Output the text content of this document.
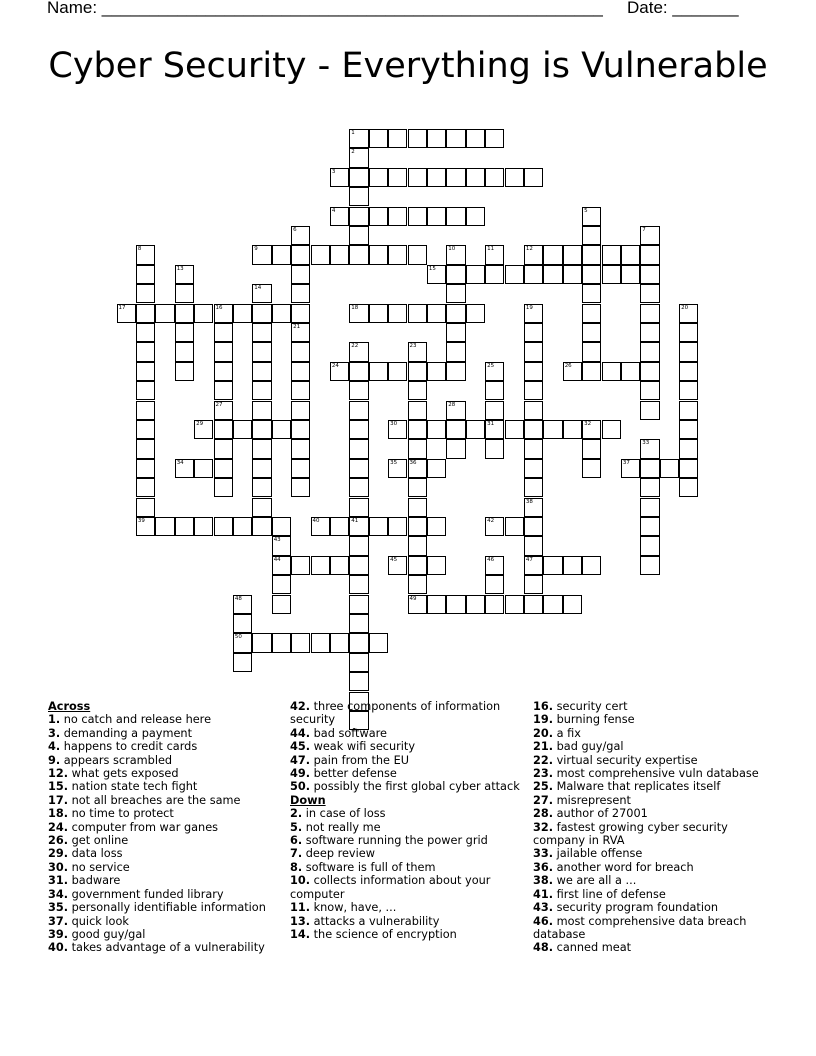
Name: _____________________________________________________ Date: _______
Cyber Security - Everything is Vulnerable
1
3
4
9	12
15
17	16	18
24	26
29	30	31	32
34	35 36	37
39	40	41	42
44	45	47
49
50
2
5
6	7
8	10	11
13
14
19
38
20
21
22	23
25
27	28
33
43
46
48
Across
1. no catch and release here
3. demanding a payment
4. happens to credit cards
9. appears scrambled
12. what gets exposed
15. nation state tech fight
17. not all breaches are the same
18. no time to protect
24. computer from war ganes
26. get online
29. data loss
30. no service
31. badware
34. government funded library
35. personally identifiable information
37. quick look
39. good guy/gal
40. takes advantage of a vulnerability
42. three components of information security
44. bad software
45. weak wifi security
47. pain from the EU
49. better defense
50. possibly the first global cyber attack
Down
2. in case of loss
5. not really me
6. software running the power grid
7. deep review
8. software is full of them
10. collects information about your computer
11. know, have, ...
13. attacks a vulnerability
14. the science of encryption
16. security cert
19. burning fense
20. a fix
21. bad guy/gal
22. virtual security expertise
23. most comprehensive vuln database
25. Malware that replicates itself
27. misrepresent
28. author of 27001
32. fastest growing cyber security company in RVA
33. jailable offense
36. another word for breach
38. we are all a ...
41. first line of defense
43. security program foundation
46. most comprehensive data breach database
48. canned meat
